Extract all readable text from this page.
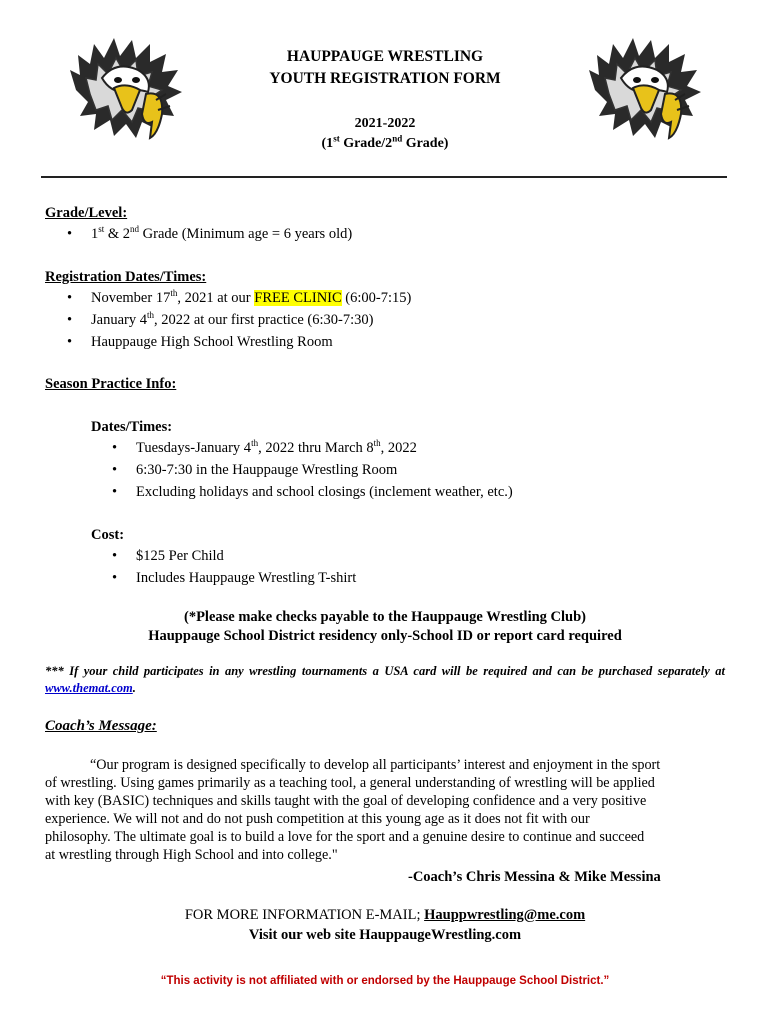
HAUPPAUGE WRESTLING
YOUTH REGISTRATION FORM
2021-2022
(1st Grade/2nd Grade)
Grade/Level:
• 1st & 2nd Grade (Minimum age = 6 years old)
Registration Dates/Times:
• November 17th, 2021 at our FREE CLINIC (6:00-7:15)
• January 4th, 2022 at our first practice (6:30-7:30)
• Hauppauge High School Wrestling Room
Season Practice Info:
Dates/Times:
• Tuesdays-January 4th, 2022 thru March 8th, 2022
• 6:30-7:30 in the Hauppauge Wrestling Room
• Excluding holidays and school closings (inclement weather, etc.)
Cost:
• $125 Per Child
• Includes Hauppauge Wrestling T-shirt
(*Please make checks payable to the Hauppauge Wrestling Club)
Hauppauge School District residency only-School ID or report card required
*** If your child participates in any wrestling tournaments a USA card will be required and can be purchased separately at www.themat.com.
Coach’s Message:
“Our program is designed specifically to develop all participants’ interest and enjoyment in the sport
of wrestling. Using games primarily as a teaching tool, a general understanding of wrestling will be applied
with key (BASIC) techniques and skills taught with the goal of developing confidence and a very positive
experience. We will not and do not push competition at this young age as it does not fit with our
philosophy. The ultimate goal is to build a love for the sport and a genuine desire to continue and succeed
at wrestling through High School and into college."
-Coach’s Chris Messina & Mike Messina
FOR MORE INFORMATION E-MAIL; Hauppwrestling@me.com
Visit our web site HauppaugeWrestling.com
“This activity is not affiliated with or endorsed by the Hauppauge School District.”
